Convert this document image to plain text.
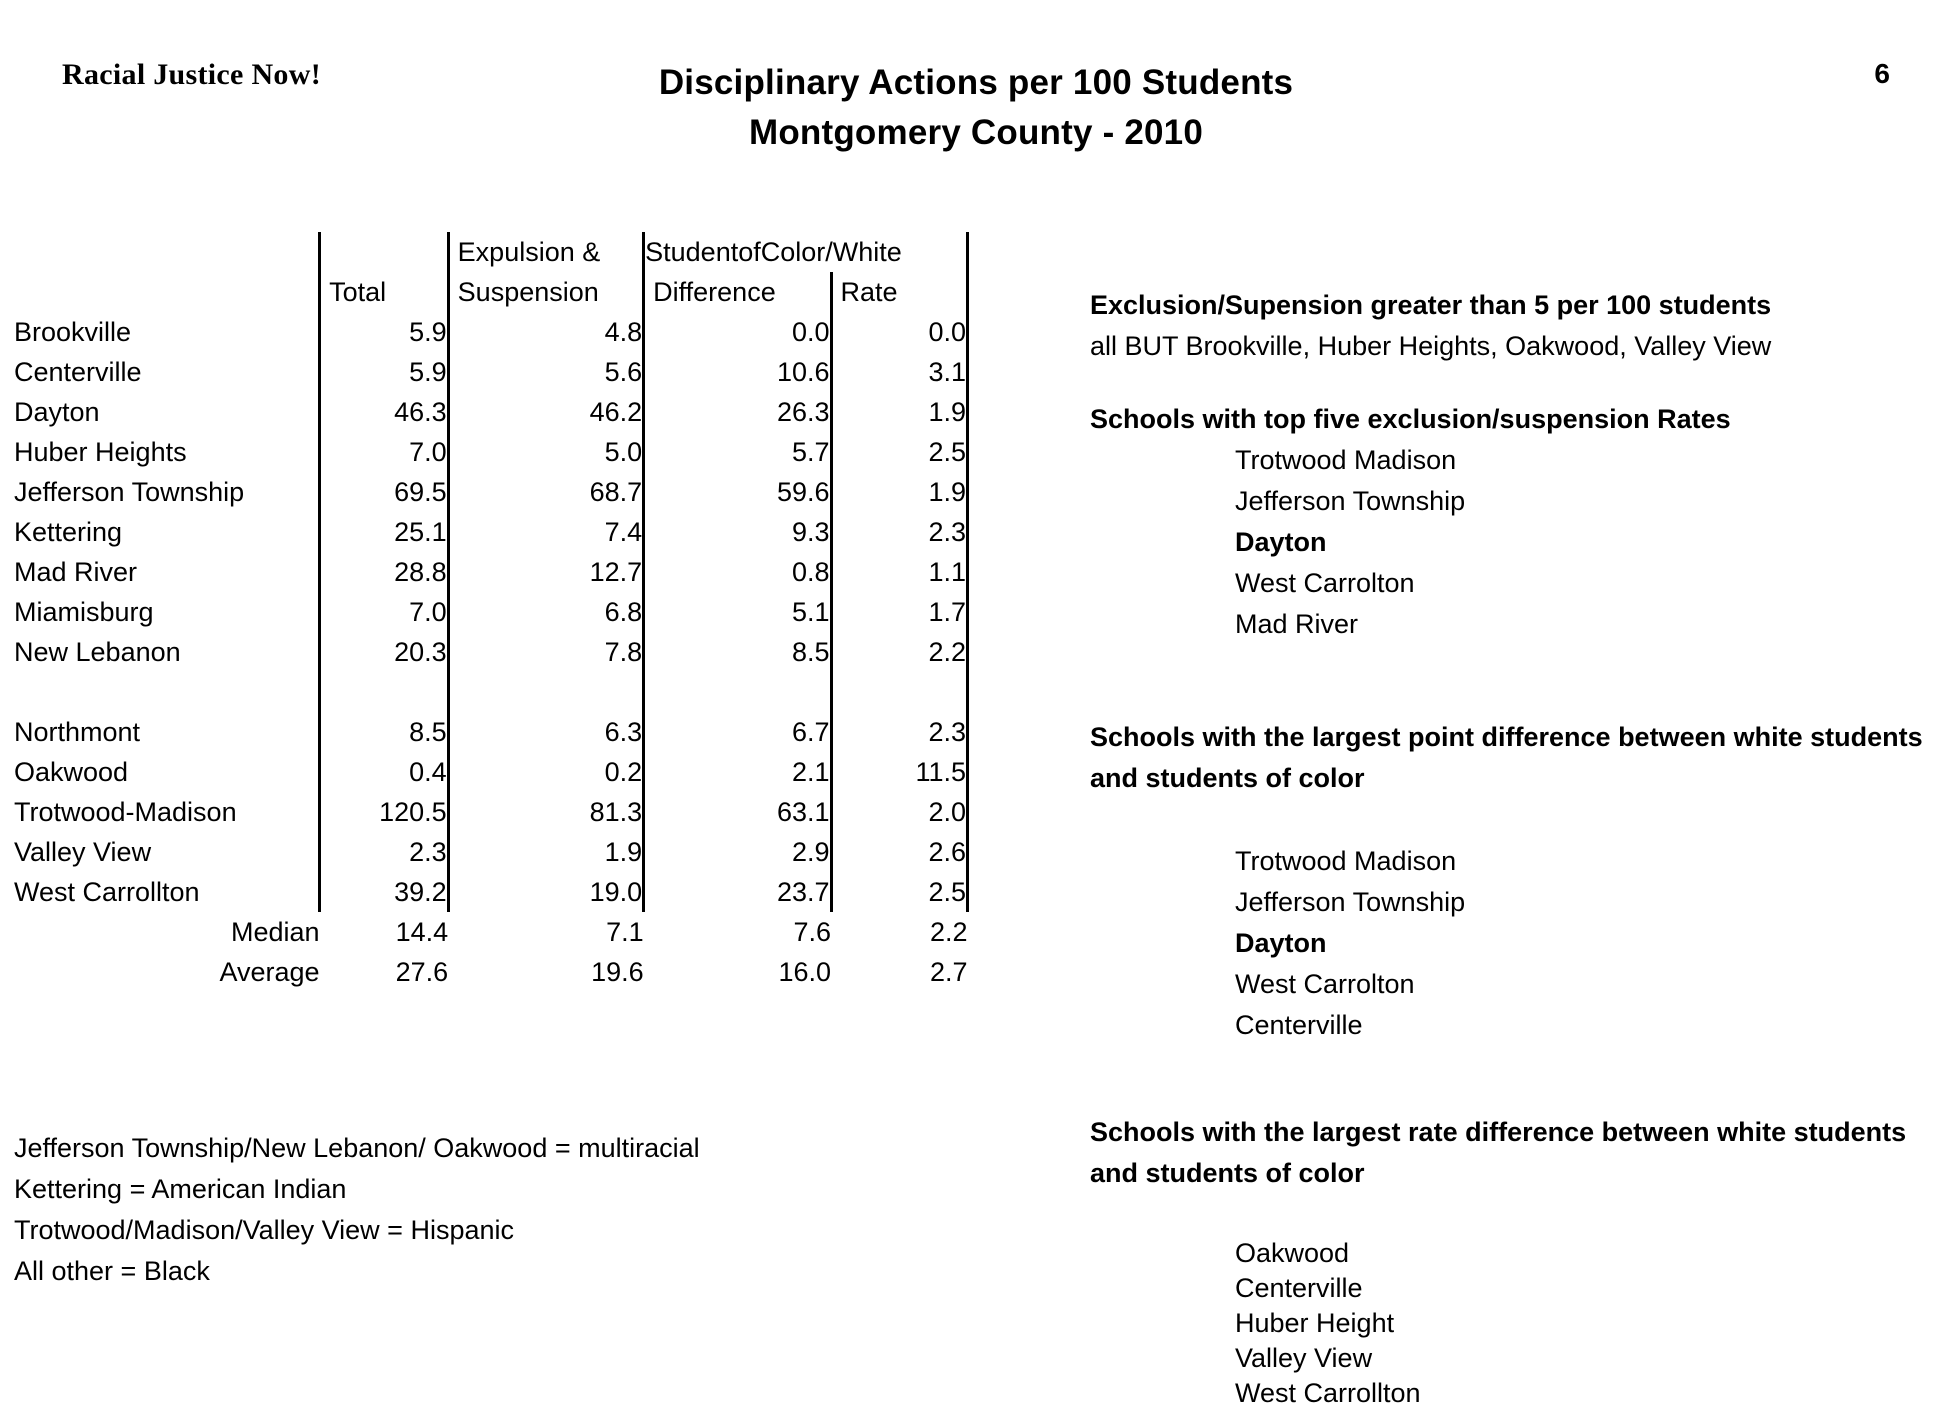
Racial Justice Now!	6
Disciplinary Actions per 100 Students
Montgomery County - 2010
		Expulsion &	StudentofColor/White	
	Total	Suspension	Difference	Rate
Brookville	5.9	4.8	0.0	0.0
Centerville	5.9	5.6	10.6	3.1
Dayton	46.3	46.2	26.3	1.9
Huber Heights	7.0	5.0	5.7	2.5
Jefferson Township	69.5	68.7	59.6	1.9
Kettering	25.1	7.4	9.3	2.3
Mad River	28.8	12.7	0.8	1.1
Miamisburg	7.0	6.8	5.1	1.7
New Lebanon	20.3	7.8	8.5	2.2

Northmont	8.5	6.3	6.7	2.3
Oakwood	0.4	0.2	2.1	11.5
Trotwood-Madison	120.5	81.3	63.1	2.0
Valley View	2.3	1.9	2.9	2.6
West Carrollton	39.2	19.0	23.7	2.5
Median	14.4	7.1	7.6	2.2
Average	27.6	19.6	16.0	2.7
Jefferson Township/New Lebanon/ Oakwood = multiracial
Kettering = American Indian
Trotwood/Madison/Valley View = Hispanic
All other = Black
Exclusion/Supension greater than 5 per 100 students
all BUT Brookville, Huber Heights, Oakwood, Valley View
Schools with top five exclusion/suspension Rates
Trotwood Madison
Jefferson Township
Dayton
West Carrolton
Mad River
Schools with the largest point difference between white students
and students of color
Trotwood Madison
Jefferson Township
Dayton
West Carrolton
Centerville
Schools with the largest rate difference between white students
and students of color
Oakwood
Centerville
Huber Height
Valley View
West Carrollton
